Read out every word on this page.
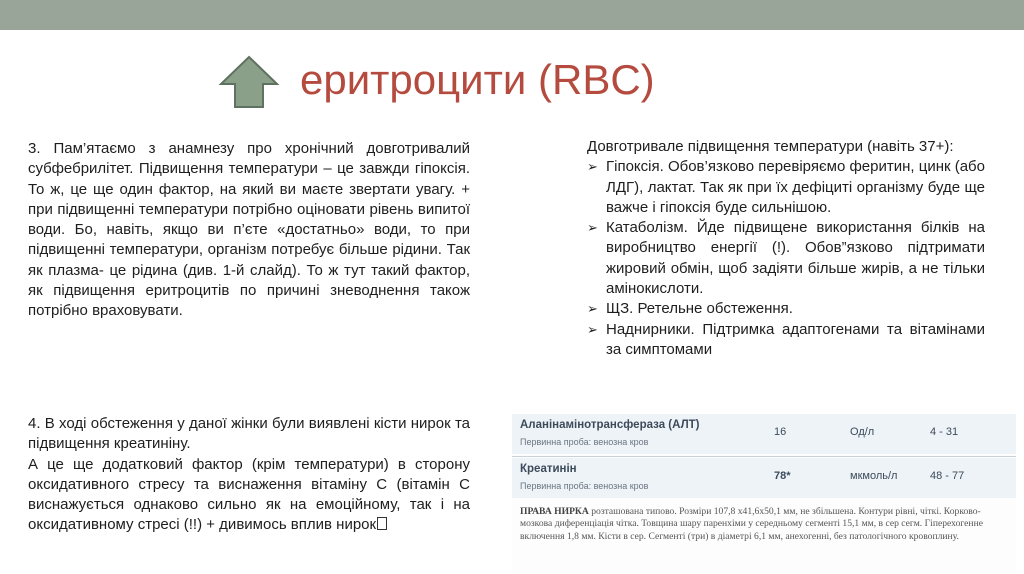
еритроцити (RBC)

3. Пам’ятаємо з анамнезу про хронічний довготривалий субфебрилітет. Підвищення температури – це завжди гіпоксія. То ж, це ще один фактор, на який ви маєте звертати увагу. + при підвищенні температури потрібно оціновати рівень випитої води. Бо, навіть, якщо ви п’єте «достатньо» води, то при підвищенні температури, організм потребує більше рідини. Так як плазма- це рідина (див. 1-й слайд). То ж тут такий фактор, як підвищення еритроцитів по причині зневоднення також потрібно враховувати.

4. В ході обстеження у даної жінки були виявлені кісти нирок та підвищення креатиніну.

А це ще додатковий фактор (крім температури) в сторону оксидативного стресу та виснаження вітаміну С (вітамін С виснажується однаково сильно як на емоційному, так і на оксидативному стресі (!!) + дивимось вплив нирок

Довготривале підвищення температури (навіть 37+):

➢ Гіпоксія. Обов’язково перевіряємо феритин, цинк (або ЛДГ), лактат. Так як при їх дефіциті організму буде ще важче і гіпоксія буде сильнішою.
➢ Катаболізм. Йде підвищене використання білків на виробництво енергії (!). Обов”язково підтримати жировий обмін, щоб задіяти більше жирів, а не тільки амінокислоти.
➢ ЩЗ. Ретельне обстеження.
➢ Наднирники. Підтримка адаптогенами та вітамінами за симптомами
Аланінамінотрансфераза (АЛТ)
Первинна проба: венозна кров
16	Од/л	4 - 31
Креатинін
Первинна проба: венозна кров
78*	мкмоль/л	48 - 77
ПРАВА НИРКА розташована типово. Розміри 107,8 х41,6х50,1 мм, не збільшена. Контури рівні, чіткі. Корково-мозкова диференціація чітка. Товщина шару паренхіми у середньому сегменті 15,1 мм, в сер сегм. Гіперехогенне включення 1,8 мм. Кісти в сер. Сегменті (три) в діаметрі 6,1 мм, анехогенні, без патологічного кровоплину.
